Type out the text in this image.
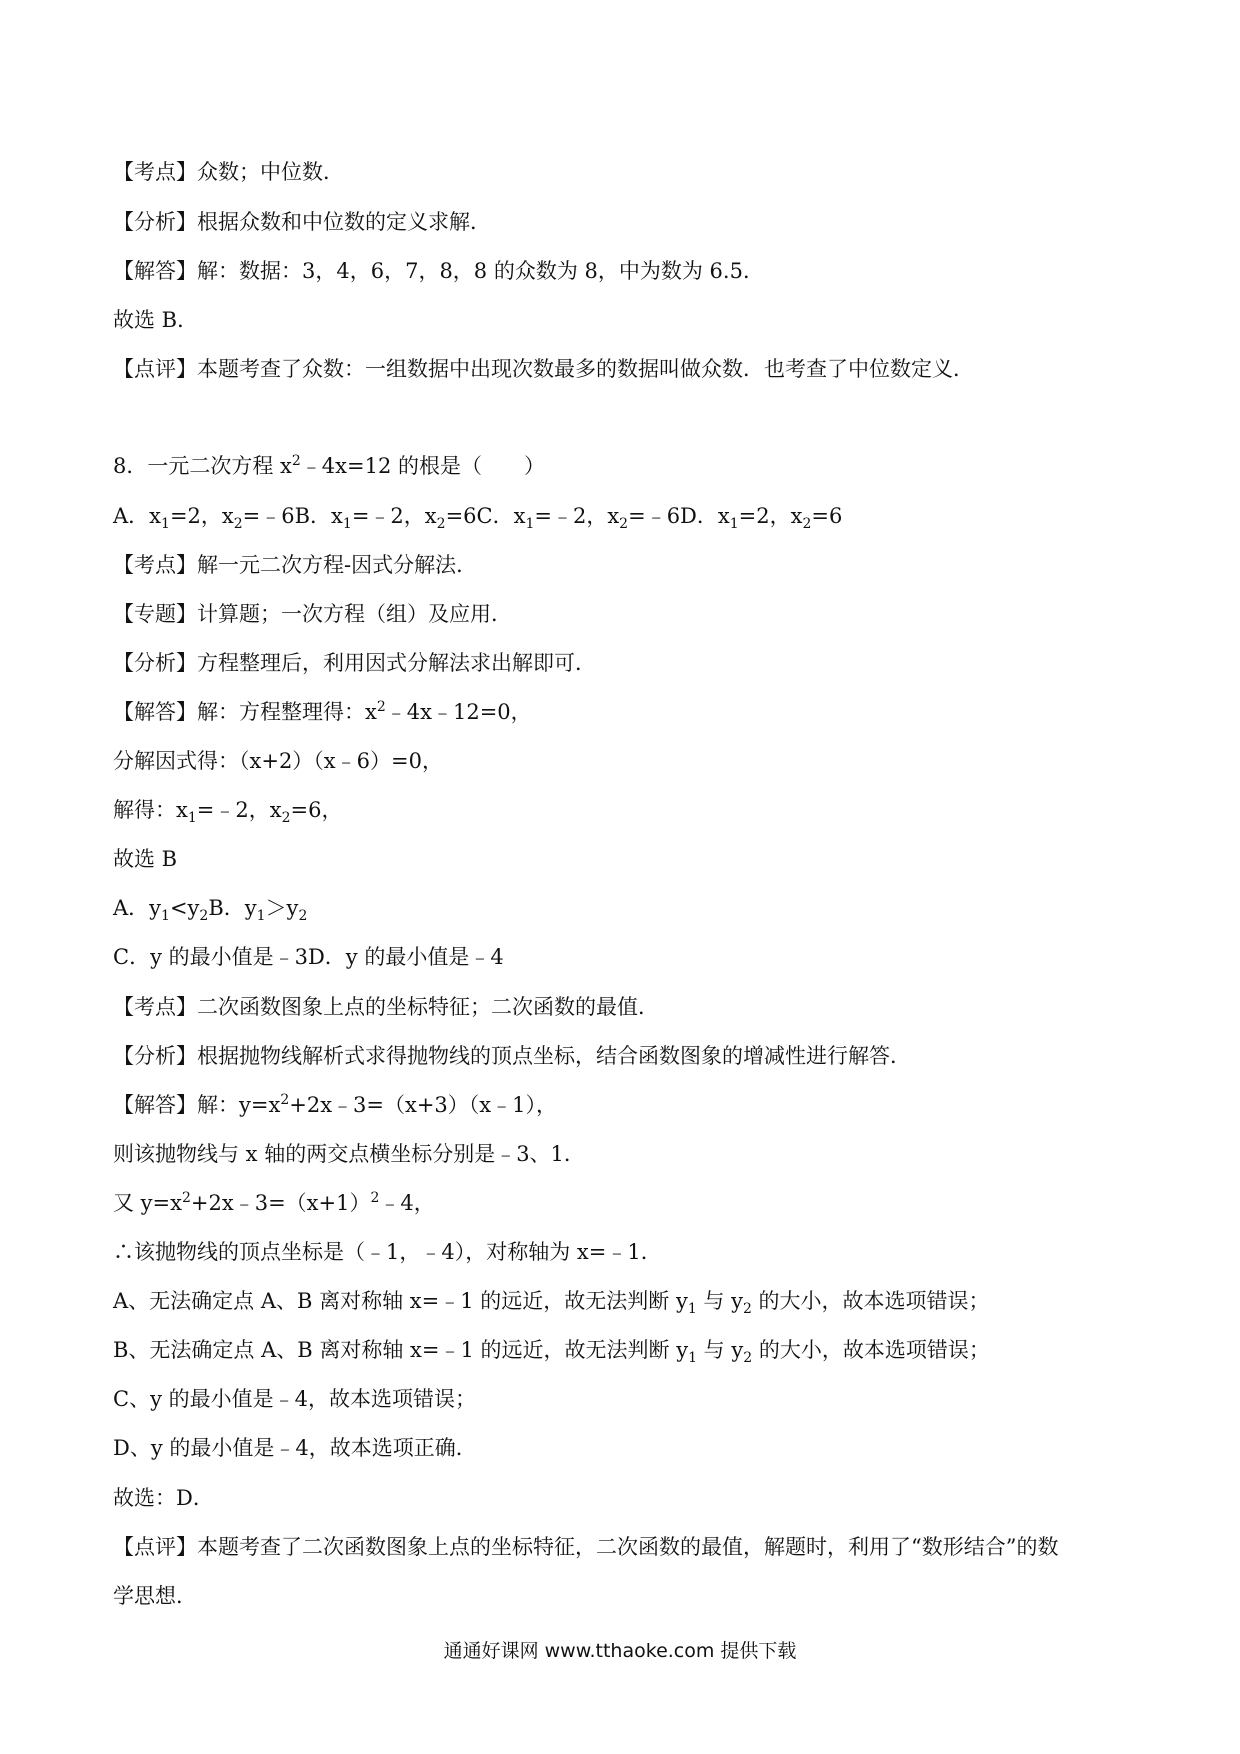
【考点】众数；中位数．
【分析】根据众数和中位数的定义求解．
【解答】解：数据：3，4，6，7，8，8 的众数为 8，中为数为 6.5．
故选 B．
【点评】本题考查了众数：一组数据中出现次数最多的数据叫做众数．也考查了中位数定义．
8．一元二次方程 $x^2﹣4x=12$ 的根是（　　）
A．$x_1=2$，$x_2=﹣6B$．$x_1=﹣2$，$x_2=6C$．$x_1=﹣2$，$x_2=﹣6D$．$x_1=2$，$x_2=6$
【考点】解一元二次方程-因式分解法．
【专题】计算题；一次方程（组）及应用．
【分析】方程整理后，利用因式分解法求出解即可．
【解答】解：方程整理得：$x^2﹣4x﹣12=0$，
分解因式得：（x+2）（x﹣6）=0，
解得：$x_1=﹣2$，$x_2=6$，
故选 B
A．$y_1<y_2B$．$y_1>y_2$
C．y 的最小值是﹣3D．y 的最小值是﹣4
【考点】二次函数图象上点的坐标特征；二次函数的最值．
【分析】根据抛物线解析式求得抛物线的顶点坐标，结合函数图象的增减性进行解答．
【解答】解：$y=x^2+2x﹣3=(x+3)(x﹣1)$，
则该抛物线与 x 轴的两交点横坐标分别是﹣3、1．
又 $y=x^2+2x﹣3=(x+1)^2﹣4$，
∴该抛物线的顶点坐标是（﹣1，﹣4），对称轴为 x=﹣1．
A、无法确定点 A、B 离对称轴 x=﹣1 的远近，故无法判断 $y_1$ 与 $y_2$ 的大小，故本选项错误；
B、无法确定点 A、B 离对称轴 x=﹣1 的远近，故无法判断 $y_1$ 与 $y_2$ 的大小，故本选项错误；
C、y 的最小值是﹣4，故本选项错误；
D、y 的最小值是﹣4，故本选项正确．
故选：D．
【点评】本题考查了二次函数图象上点的坐标特征，二次函数的最值，解题时，利用了“数形结合”的数
学思想．
通通好课网 www.tthaoke.com 提供下载
